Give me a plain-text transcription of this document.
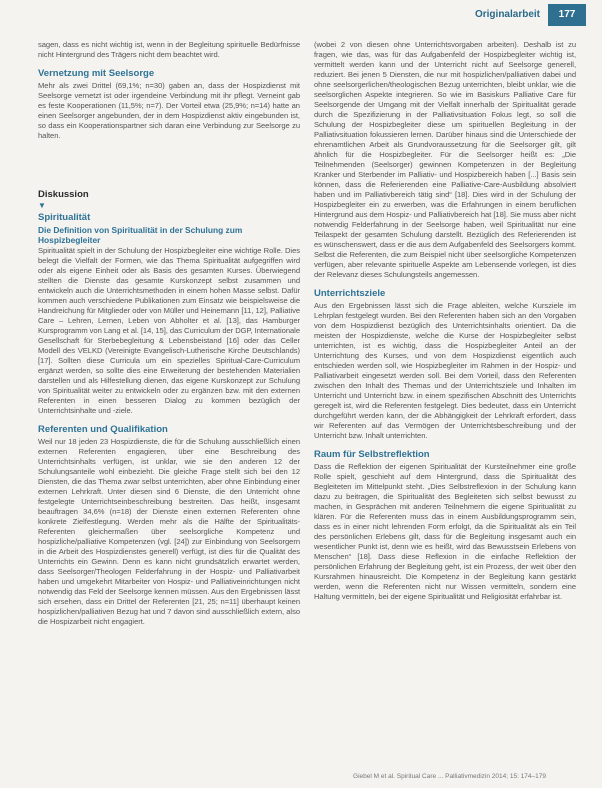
Originalarbeit	177

sagen, dass es nicht wichtig ist, wenn in der Begleitung spirituelle Bedürfnisse nicht Hintergrund des Trägers nicht dem beachtet wird.

Vernetzung mit Seelsorge

Mehr als zwei Drittel (69,1%; n=30) gaben an, dass der Hospizdienst mit Seelsorge vernetzt ist oder irgendeine Verbindung mit ihr pflegt. Verneint gab es feste Kooperationen (11,5%; n=7). Der Vorteil etwa (25,9%; n=14) hatte an einen Seelsorger angebunden, der in dem Hospizdienst aktiv eingebunden ist, so dass ein Kooperationspartner sich daran eine Verbindung zur Seelsorge zu halten.

Diskussion
▼
Spiritualität
Die Definition von Spiritualität in der Schulung zum Hospizbegleiter

Spiritualität spielt in der Schulung der Hospizbegleiter eine wichtige Rolle. Dies belegt die Vielfalt der Formen, wie das Thema Spiritualität aufgegriffen wird oder als eigene Einheit oder als Basis des gesamten Kurses. Überwiegend stellten die Dienste das gesamte Kurskonzept selbst zusammen und entwickeln auch die Unterrichtsmethoden in einem hohen Masse selbst. Dafür kommen auch verschiedene Publikationen zum Einsatz wie beispielsweise die Handreichung für Mitglieder oder von Müller und Heinemann [11, 12], Palliative Care – Lehren, Lernen, Leben von Abholter et al. [13], das Hamburger Kursprogramm von Lang et al. [14, 15], das Curriculum der DGP, Internationale Gesellschaft für Sterbebegleitung & Lebensbeistand [16] oder das Celler Modell des VELKD (Vereinigte Evangelisch-Lutherische Kirche Deutschlands) [17]. Sollten diese Curricula um ein spezielles Spiritual-Care-Curriculum ergänzt werden, so sollte dies eine Erweiterung der bestehenden Materialien darstellen und als Hilfestellung dienen, das eigene Kurskonzept zur Schulung von Spiritualität weiter zu entwickeln oder zu ergänzen bzw. mit den externen Referenten in einen besseren Dialog zu kommen bezüglich der Unterrichtsinhalte und -ziele.

Referenten und Qualifikation

Weil nur 18 jeden 23 Hospizdienste, die für die Schulung ausschließlich einen externen Referenten engagieren, über eine Beschreibung des Unterrichtsinhalts verfügen, ist unklar, wie sie den anderen 12 der Schulungsanteile wohl einbezieht. Die gleiche Frage stellt sich bei den 12 Diensten, die das Thema zwar selbst unterrichten, aber ohne Einbindung einer externen Lehrkraft. Unter diesen sind 6 Dienste, die den Unterricht ohne festgelegte Unterrichtseinbeschreibung bestreiten. Das heißt, insgesamt beauftragen 34,6% (n=18) der Dienste einen externen Referenten ohne konkrete Zielfestlegung. Werden mehr als die Hälfte der Spiritualitäts-Referenten gleichermaßen über seelsorgliche Kompetenz und hospizliche/palliative Kompetenzen (vgl. [24]) zur Einbindung von Seelsorgern in die Arbeit des Hospizdienstes generell) verfügt, ist dies für die Qualität des Unterrichts ein Gewinn. Denn es kann nicht grundsätzlich erwartet werden, dass Seelsorger/Theologen Felderfahrung in der Hospiz- und Palliativarbeit haben und umgekehrt Mitarbeiter von Hospiz- und Palliativeinrichtungen nicht notwendig das Feld der Seelsorge kennen müssen. Aus den Ergebnissen lässt sich ersehen, dass ein Drittel der Referenten [21, 25; n=11] überhaupt keinen hospizlichen/palliativen Bezug hat und 7 davon sind ausschließlich extern, also die Hospizarbeit nicht engagiert.

(wobei 2 von diesen ohne Unterrichtsvorgaben arbeiten). Deshalb ist zu fragen, wie das, was für das Aufgabenfeld der Hospizbegleiter wichtig ist, vermittelt werden kann und der Unterricht nicht auf Seelsorge generell, reduziert. Bei jenen 5 Diensten, die nur mit hospizlichen/palliativen dabei und ohne seelsorgerlichen/theologischen Bezug unterrichten, bleibt unklar, wie die seelsorglichen Aspekte integrieren. So wie im Basiskurs Palliative Care für Seelsorgende der Umgang mit der Vielfalt innerhalb der Spiritualität gerade durch die Spezifizierung in der Palliativsituation Fokus legt, so soll die Schulung der Hospizbegleiter diese um spirituellen Begleitung in der Palliativsituation fokussieren lernen. Darüber hinaus sind die Unterschiede der ehrenamtlichen Arbeit als Grundvoraussetzung für die Seelsorger gilt, gilt ähnlich für die Hospizbegleiter. Für die Seelsorger heißt es: „Die Teilnehmenden (Seelsorger) gewinnen Kompetenzen in der Begleitung Kranker und Sterbender im Palliativ- und Hospizbereich haben [...] Basis sein können, dass die Referierenden eine Palliative-Care-Ausbildung absolviert haben und im Palliativbereich tätig sind“ [18]. Dies wird in der Schulung der Hospizbegleiter ein zu erwerben, was die Erfahrungen in einem beruflichen Hintergrund aus dem Hospiz- und Palliativbereich hat [18]. Sie muss aber nicht notwendig Felderfahrung in der Seelsorge haben, weil Spiritualität nur eine Teilaspekt der gesamten Schulung darstellt. Bezüglich des Referierenden ist es wünschenswert, dass er die aus dem Aufgabenfeld des Seelsorgers kommt. Selbst die Referenten, die zum Beispiel nicht über seelsorgliche Kompetenzen verfügen, aber relevante spirituelle Aspekte am Lebensende vorlegen, ist dies der Relevanz dieses Schulungsteils angemessen.

Unterrichtsziele

Aus den Ergebnissen lässt sich die Frage ableiten, welche Kursziele im Lehrplan festgelegt wurden. Bei den Referenten haben sich an den Vorgaben von dem Hospizdienst bezüglich des Unterrichtsinhalts orientiert. Da die meisten der Hospizdienste, welche die Kurse der Hospizbegleiter selbst unterrichten, ist es wichtig, dass die Hospizbegleiter Anteil an der Unterrichtung des Kurses, und von dem Hospizdienst eigentlich auch entschieden werden soll, wie Hospizbegleiter im Rahmen in der Hospiz- und Palliativarbeit eingesetzt werden soll. Bei dem Vorteil, dass den Referenten zwischen den Inhalt des Themas und der Unterrichtsziele und Inhalten im Unterricht und Unterricht bzw. in einem spezifischen Abschnitt des Unterrichts geregelt ist, wird die Referenten festgelegt. Dies bedeutet, dass ein Unterricht durchgeführt werden kann, der die Abhängigkeit der Lehrkraft erfordert, dass wir Referenten auf das Vermögen der Unterrichtsbeschreibung und der Unterricht bzw. Inhalt unterrichten.

Raum für Selbstreflektion

Dass die Reflektion der eigenen Spiritualität der Kursteilnehmer eine große Rolle spielt, geschieht auf dem Hintergrund, dass die Spiritualität des Begleiteten im Mittelpunkt steht. „Dies Selbstreflexion in der Schulung kann dazu zu beitragen, die Spiritualität des Begleiteten sich selbst bewusst zu machen, in Gesprächen mit anderen Teilnehmern die eigene Spiritualität zu klären. Für die Referenten muss das in einem Ausbildungsprogramm sein, dass es in einer nicht lehrenden Form erfolgt, da die Spiritualität als ein Teil des persönlichen Erlebens gilt, dass für die Begleitung insgesamt auch ein wesentlicher Punkt ist, denn wie es heißt, wird das Bewusstsein Erlebens von Menschen“ [18]. Dass diese Reflexion in die einfache Reflektion der persönlichen Erfahrung der Begleitung geht, ist ein Prozess, der weit über den Kursrahmen hinausreicht. Die Kompetenz in der Begleitung kann gestärkt werden, wenn die Referenten nicht nur Wissen vermitteln, sondern eine Haltung vermitteln, bei der eigene Spiritualität und Religiosität erfahrbar ist.

Giebel M et al. Spiritual Care ... Palliativmedizin 2014; 15: 174–179
